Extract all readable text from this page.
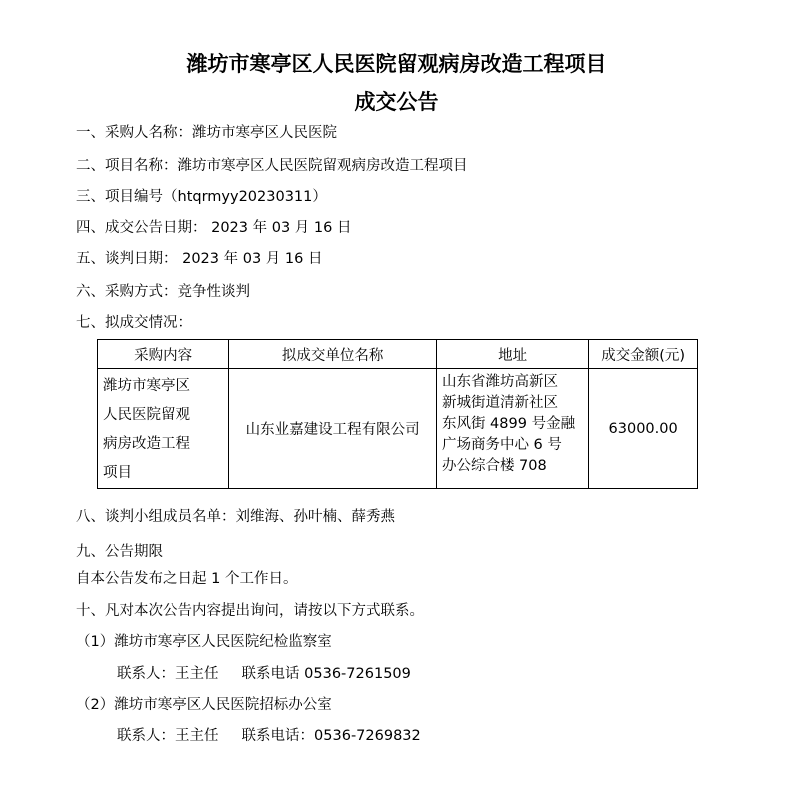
潍坊市寒亭区人民医院留观病房改造工程项目
成交公告
一、采购人名称：潍坊市寒亭区人民医院
二、项目名称：潍坊市寒亭区人民医院留观病房改造工程项目
三、项目编号（htqrmyy20230311）
四、成交公告日期： 2023 年 03 月 16 日
五、谈判日期： 2023 年 03 月 16 日
六、采购方式：竞争性谈判
七、拟成交情况：
采购内容	拟成交单位名称	地址	成交金额(元)

潍坊市寒亭区
人民医院留观
病房改造工程
项目	山东业嘉建设工程有限公司	山东省潍坊高新区
新城街道清新社区
东风街 4899 号金融
广场商务中心 6 号
办公综合楼 708	63000.00
八、谈判小组成员名单：刘维海、孙叶楠、薛秀燕
九、公告期限
自本公告发布之日起 1 个工作日。
十、凡对本次公告内容提出询问，请按以下方式联系。
（1）潍坊市寒亭区人民医院纪检监察室
联系人：王主任     联系电话 0536-7261509
（2）潍坊市寒亭区人民医院招标办公室
联系人：王主任     联系电话：0536-7269832
